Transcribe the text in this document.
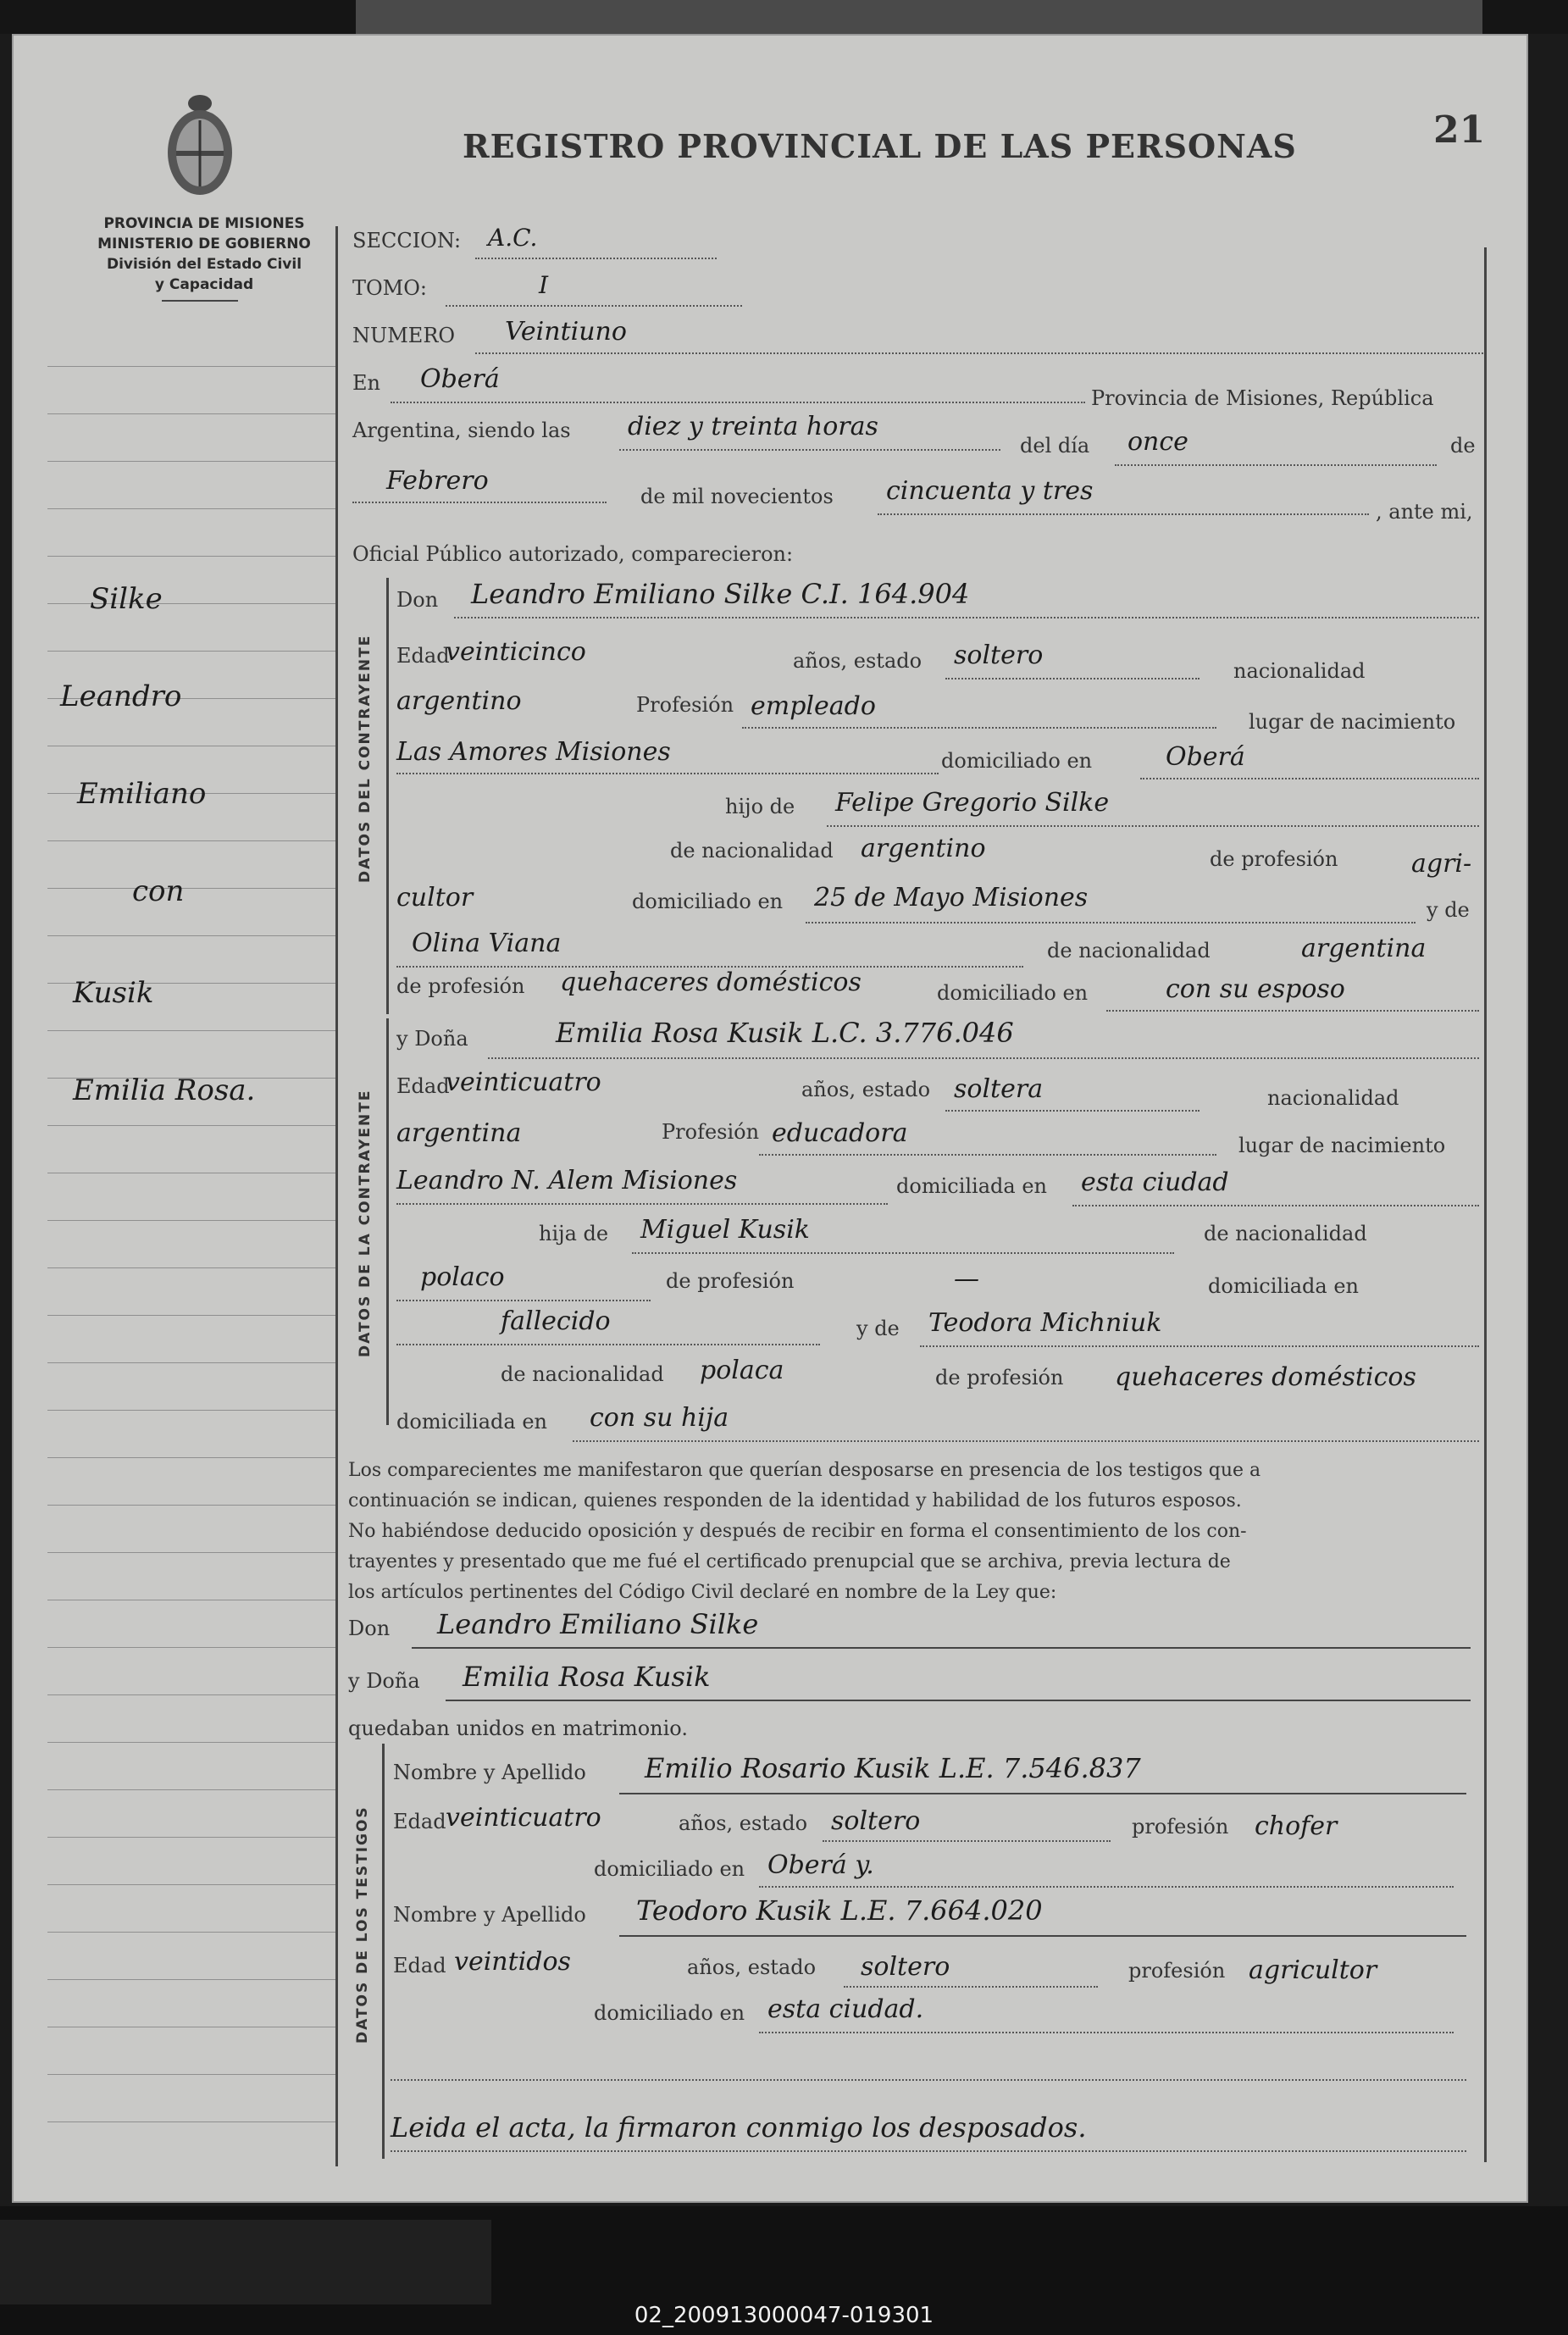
PROVINCIA DE MISIONES
MINISTERIO DE GOBIERNO
División del Estado Civil
y Capacidad
REGISTRO PROVINCIAL DE LAS PERSONAS	21
Silke
Leandro
Emiliano
con
Kusik
Emilia Rosa.
SECCION: A.C.
TOMO:	I
NUMERO Veintiuno
En Oberá
Provincia de Misiones, República
Argentina, siendo las diez y treinta horas
del día once	de
Febrero
de mil novecientos cincuenta y tres
, ante mi,
Oficial Público autorizado, comparecieron:
DATOS DEL CONTRAYENTE
Don Leandro Emiliano Silke C.I. 164.904
Edad
veinticinco	años, estado soltero
nacionalidad
argentino	Profesión empleado
lugar de nacimiento
Las Amores Misiones	domiciliado en	Oberá
hijo de Felipe Gregorio Silke
de nacionalidad argentino	de profesión	agri-
cultor	domiciliado en 25 de Mayo Misiones	y de
Olina Viana	de nacionalidad	argentina
de profesión quehaceres domésticos	domiciliado en	con su esposo
DATOS DE LA CONTRAYENTE
y Doña	Emilia Rosa Kusik L.C. 3.776.046
Edad
veinticuatro	años, estado soltera	nacionalidad
argentina	Profesión educadora	lugar de nacimiento
Leandro N. Alem Misiones	domiciliada en esta ciudad
hija de Miguel Kusik	de nacionalidad
polaco	de profesión	—	domiciliada en
fallecido	y de Teodora Michniuk
de nacionalidad polaca	de profesión quehaceres domésticos
domiciliada en con su hija
Los comparecientes me manifestaron que querían desposarse en presencia de los testigos que a
continuación se indican, quienes responden de la identidad y habilidad de los futuros esposos.
No habiéndose deducido oposición y después de recibir en forma el consentimiento de los con-
trayentes y presentado que me fué el certificado prenupcial que se archiva, previa lectura de
los artículos pertinentes del Código Civil declaré en nombre de la Ley que:
Don Leandro Emiliano Silke
y Doña Emilia Rosa Kusik
quedaban unidos en matrimonio.
DATOS DE LOS TESTIGOS
Nombre y Apellido Emilio Rosario Kusik L.E. 7.546.837
Edad veinticuatro	años, estado soltero	profesión chofer
domiciliado en Oberá y.
Nombre y Apellido Teodoro Kusik L.E. 7.664.020
Edad veintidos	años, estado soltero	profesión agricultor
domiciliado en esta ciudad.
Leida el acta, la firmaron conmigo los desposados.
02_200913000047-019301
